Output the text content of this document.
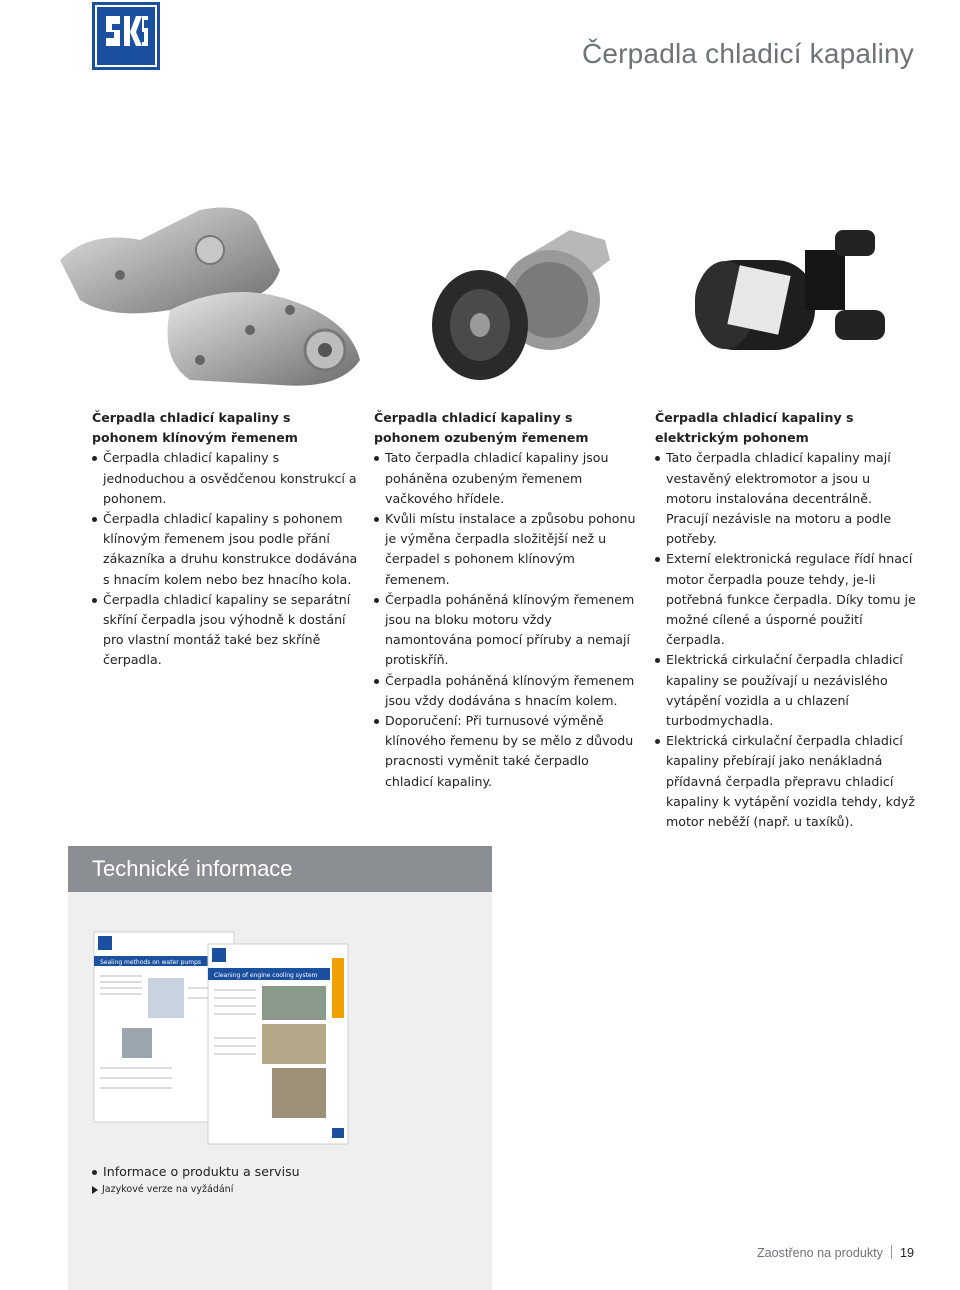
Čerpadla chladicí kapaliny
Čerpadla chladicí kapaliny s pohonem klínovým řemenem
Čerpadla chladicí kapaliny s jednoduchou a osvědčenou konstrukcí a pohonem.
Čerpadla chladicí kapaliny s pohonem klínovým řemenem jsou podle přání zákazníka a druhu konstrukce dodávána s hnacím kolem nebo bez hnacího kola.
Čerpadla chladicí kapaliny se separátní skříní čerpadla jsou výhodně k dostání pro vlastní montáž také bez skříně čerpadla.
Čerpadla chladicí kapaliny s pohonem ozubeným řemenem
Tato čerpadla chladicí kapaliny jsou poháněna ozubeným řemenem vačkového hřídele.
Kvůli místu instalace a způsobu pohonu je výměna čerpadla složitější než u čerpadel s pohonem klínovým řemenem.
Čerpadla poháněná klínovým řemenem jsou na bloku motoru vždy namontována pomocí příruby a nemají protiskříň.
Čerpadla poháněná klínovým řemenem jsou vždy dodávána s hnacím kolem.
Doporučení: Při turnusové výměně klínového řemenu by se mělo z důvodu pracnosti vyměnit také čerpadlo chladicí kapaliny.
Čerpadla chladicí kapaliny s elektrickým pohonem
Tato čerpadla chladicí kapaliny mají vestavěný elektromotor a jsou u motoru instalována decentrálně. Pracují nezávisle na motoru a podle potřeby.
Externí elektronická regulace řídí hnací motor čerpadla pouze tehdy, je-li potřebná funkce čerpadla. Díky tomu je možné cílené a úsporné použití čerpadla.
Elektrická cirkulační čerpadla chladicí kapaliny se používají u nezávislého vytápění vozidla a u chlazení turbodmychadla.
Elektrická cirkulační čerpadla chladicí kapaliny přebírají jako nenákladná přídavná čerpadla přepravu chladicí kapaliny k vytápění vozidla tehdy, když motor neběží (např. u taxíků).
Technické informace
Sealing methods on water pumps
Cleaning of engine cooling system
Informace o produktu a servisu
Jazykové verze na vyžádání
Zaostřeno na produkty 19
